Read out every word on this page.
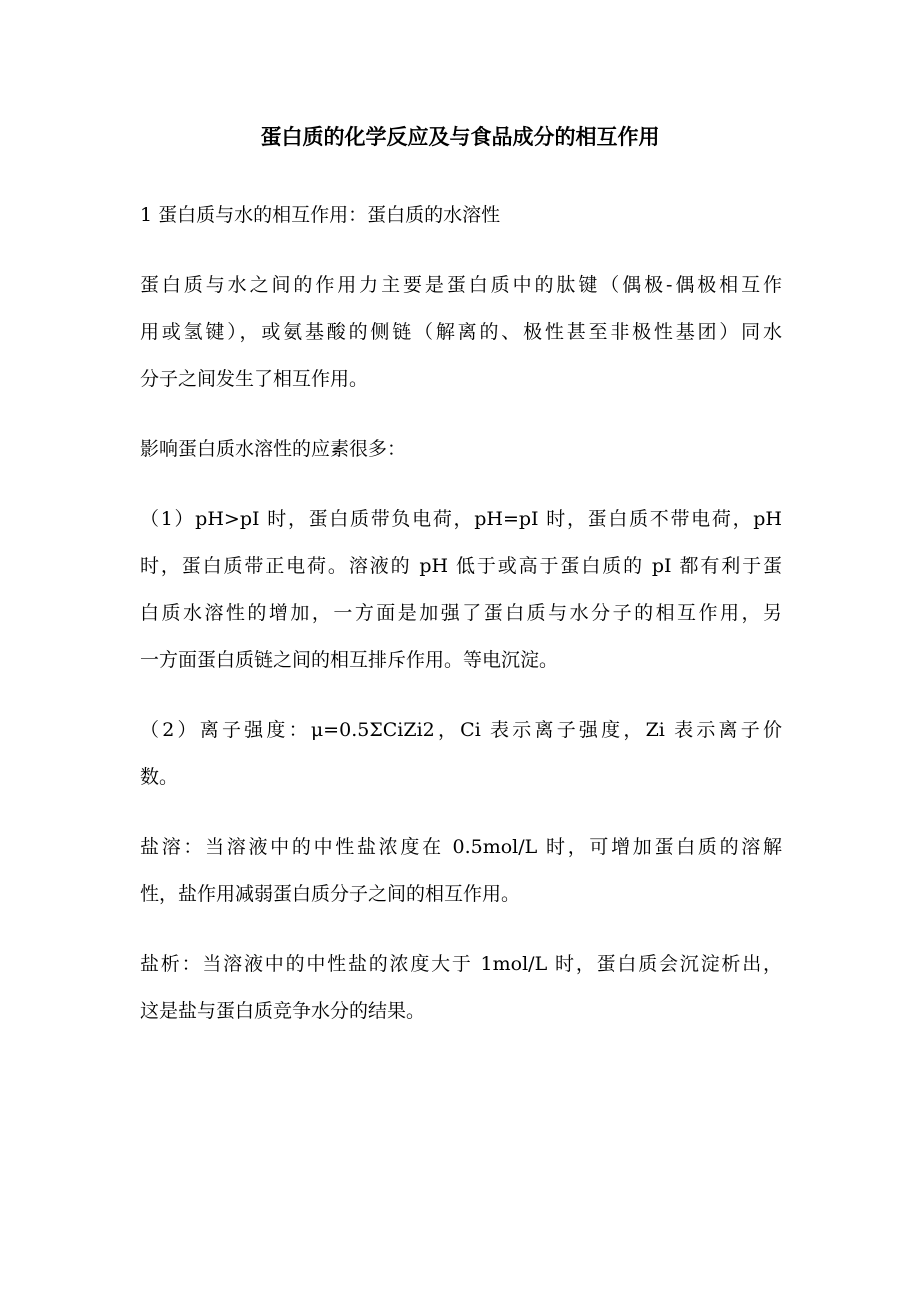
蛋白质的化学反应及与食品成分的相互作用
1 蛋白质与水的相互作用：蛋白质的水溶性
蛋白质与水之间的作用力主要是蛋白质中的肽键（偶极-偶极相互作
用或氢键），或氨基酸的侧链（解离的、极性甚至非极性基团）同水
分子之间发生了相互作用。
影响蛋白质水溶性的应素很多：
（1）pH>pI 时，蛋白质带负电荷，pH=pI 时，蛋白质不带电荷，pH
时，蛋白质带正电荷。溶液的 pH 低于或高于蛋白质的 pI 都有利于蛋
白质水溶性的增加，一方面是加强了蛋白质与水分子的相互作用，另
一方面蛋白质链之间的相互排斥作用。等电沉淀。
（2）离子强度：μ=0.5ΣCiZi2，Ci 表示离子强度，Zi 表示离子价
数。
盐溶：当溶液中的中性盐浓度在 0.5mol/L 时，可增加蛋白质的溶解
性，盐作用减弱蛋白质分子之间的相互作用。
盐析：当溶液中的中性盐的浓度大于 1mol/L 时，蛋白质会沉淀析出，
这是盐与蛋白质竞争水分的结果。
